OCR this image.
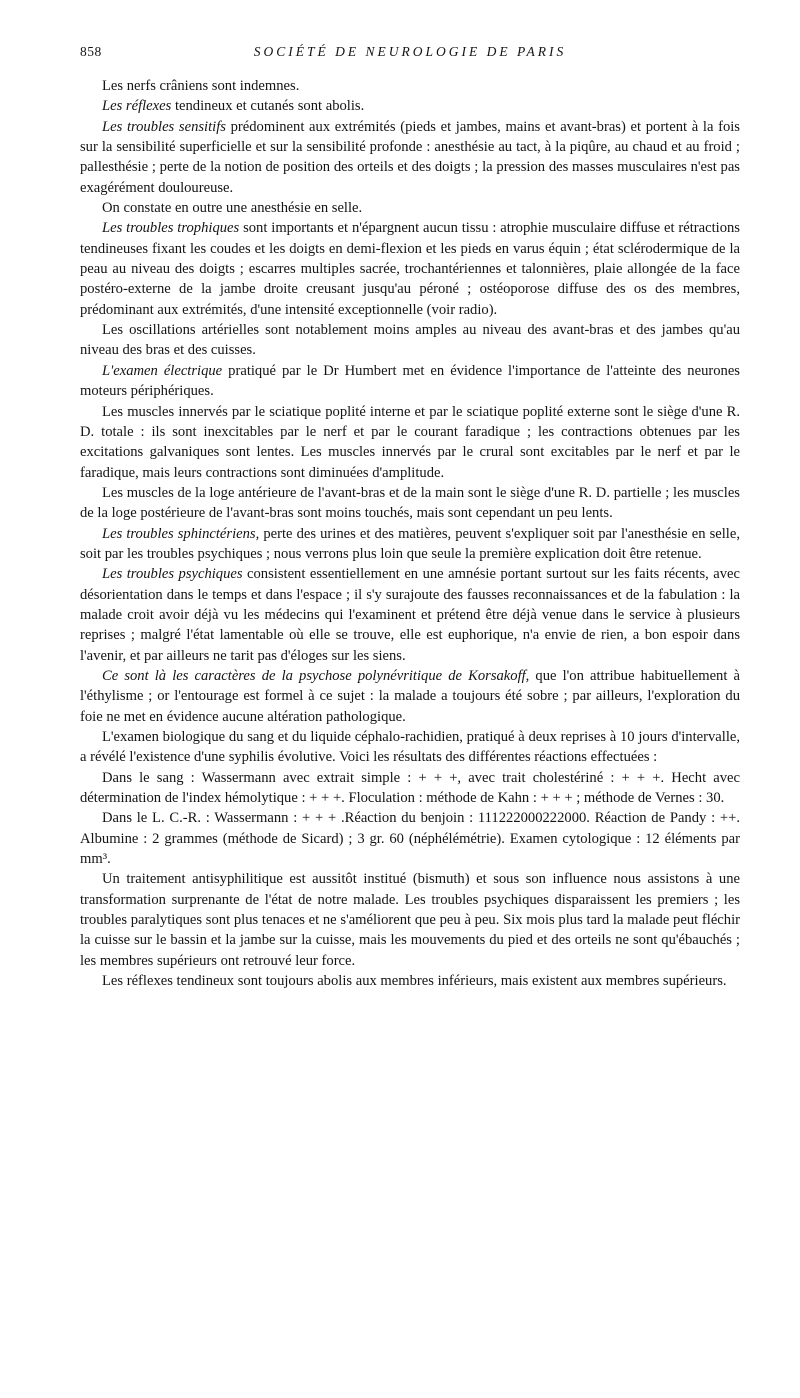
858	SOCIÉTÉ DE NEUROLOGIE DE PARIS

Les nerfs crâniens sont indemnes.

Les réflexes tendineux et cutanés sont abolis.

Les troubles sensitifs prédominent aux extrémités (pieds et jambes, mains et avant-bras) et portent à la fois sur la sensibilité superficielle et sur la sensibilité profonde : anesthésie au tact, à la piqûre, au chaud et au froid ; pallesthésie ; perte de la notion de position des orteils et des doigts ; la pression des masses musculaires n'est pas exagérément douloureuse.

On constate en outre une anesthésie en selle.

Les troubles trophiques sont importants et n'épargnent aucun tissu : atrophie musculaire diffuse et rétractions tendineuses fixant les coudes et les doigts en demi-flexion et les pieds en varus équin ; état sclérodermique de la peau au niveau des doigts ; escarres multiples sacrée, trochantériennes et talonnières, plaie allongée de la face postéro-externe de la jambe droite creusant jusqu'au péroné ; ostéoporose diffuse des os des membres, prédominant aux extrémités, d'une intensité exceptionnelle (voir radio).

Les oscillations artérielles sont notablement moins amples au niveau des avant-bras et des jambes qu'au niveau des bras et des cuisses.

L'examen électrique pratiqué par le Dr Humbert met en évidence l'importance de l'atteinte des neurones moteurs périphériques.

Les muscles innervés par le sciatique poplité interne et par le sciatique poplité externe sont le siège d'une R. D. totale : ils sont inexcitables par le nerf et par le courant faradique ; les contractions obtenues par les excitations galvaniques sont lentes. Les muscles innervés par le crural sont excitables par le nerf et par le faradique, mais leurs contractions sont diminuées d'amplitude.

Les muscles de la loge antérieure de l'avant-bras et de la main sont le siège d'une R. D. partielle ; les muscles de la loge postérieure de l'avant-bras sont moins touchés, mais sont cependant un peu lents.

Les troubles sphinctériens, perte des urines et des matières, peuvent s'expliquer soit par l'anesthésie en selle, soit par les troubles psychiques ; nous verrons plus loin que seule la première explication doit être retenue.

Les troubles psychiques consistent essentiellement en une amnésie portant surtout sur les faits récents, avec désorientation dans le temps et dans l'espace ; il s'y surajoute des fausses reconnaissances et de la fabulation : la malade croit avoir déjà vu les médecins qui l'examinent et prétend être déjà venue dans le service à plusieurs reprises ; malgré l'état lamentable où elle se trouve, elle est euphorique, n'a envie de rien, a bon espoir dans l'avenir, et par ailleurs ne tarit pas d'éloges sur les siens.

Ce sont là les caractères de la psychose polynévritique de Korsakoff, que l'on attribue habituellement à l'éthylisme ; or l'entourage est formel à ce sujet : la malade a toujours été sobre ; par ailleurs, l'exploration du foie ne met en évidence aucune altération pathologique.

L'examen biologique du sang et du liquide céphalo-rachidien, pratiqué à deux reprises à 10 jours d'intervalle, a révélé l'existence d'une syphilis évolutive. Voici les résultats des différentes réactions effectuées :

Dans le sang : Wassermann avec extrait simple : + + +, avec trait cholestériné : + + +. Hecht avec détermination de l'index hémolytique : + + +. Floculation : méthode de Kahn : + + + ; méthode de Vernes : 30.

Dans le L. C.-R. : Wassermann : + + + .Réaction du benjoin : 111222000222000. Réaction de Pandy : ++. Albumine : 2 grammes (méthode de Sicard) ; 3 gr. 60 (néphélémétrie). Examen cytologique : 12 éléments par mm³.

Un traitement antisyphilitique est aussitôt institué (bismuth) et sous son influence nous assistons à une transformation surprenante de l'état de notre malade. Les troubles psychiques disparaissent les premiers ; les troubles paralytiques sont plus tenaces et ne s'améliorent que peu à peu. Six mois plus tard la malade peut fléchir la cuisse sur le bassin et la jambe sur la cuisse, mais les mouvements du pied et des orteils ne sont qu'ébauchés ; les membres supérieurs ont retrouvé leur force.

Les réflexes tendineux sont toujours abolis aux membres inférieurs, mais existent aux membres supérieurs.
